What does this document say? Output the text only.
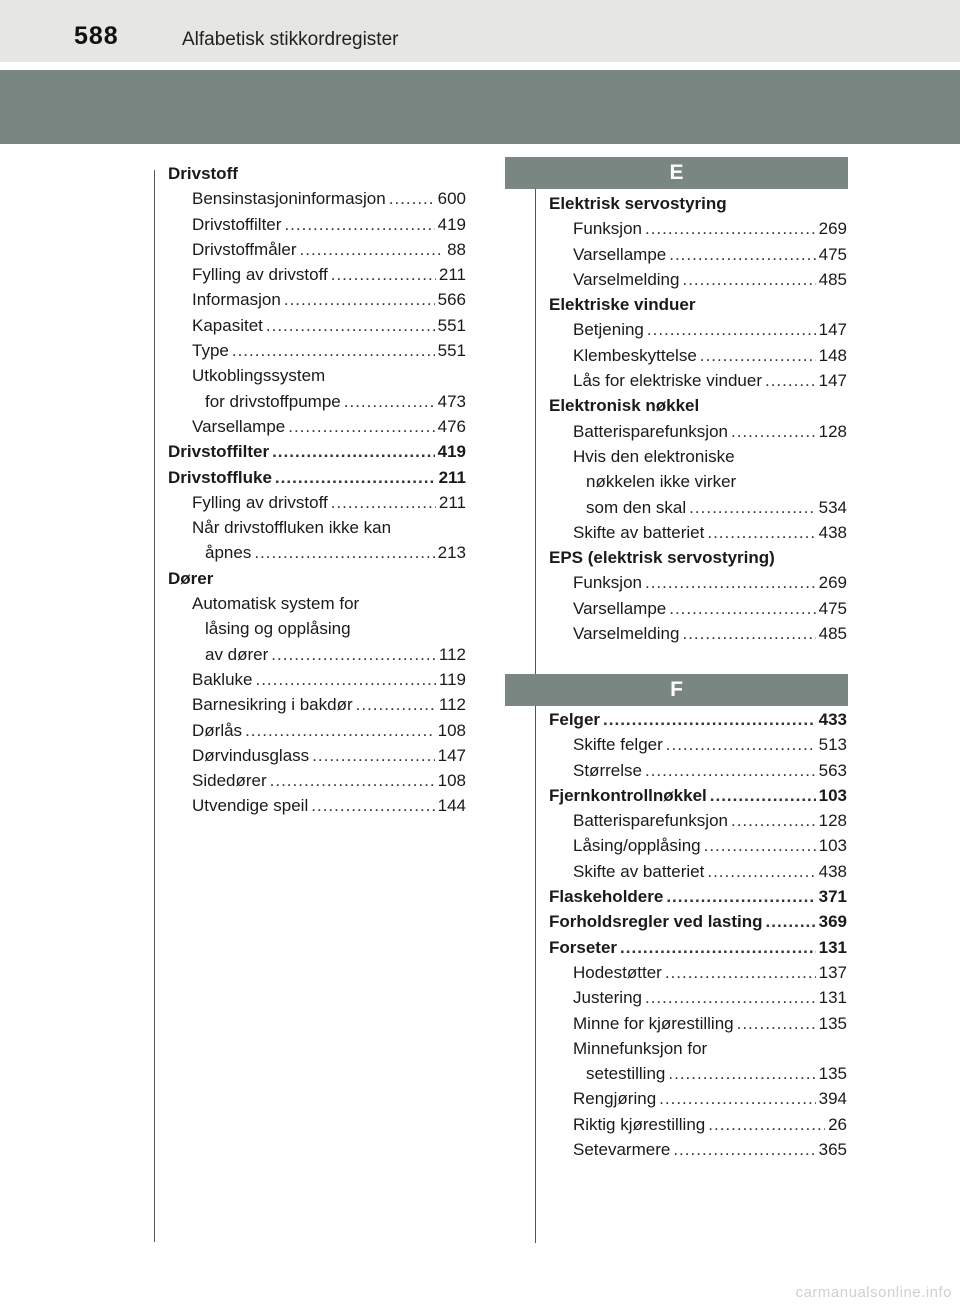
588	Alfabetisk stikkordregister
Drivstoff
Bensinstasjoninformasjon .....	600
Drivstoffilter .....	419
Drivstoffmåler .....	88
Fylling av drivstoff .....	211
Informasjon .....	566
Kapasitet .....	551
Type .....	551
Utkoblingssystem
for drivstoffpumpe .....	473
Varsellampe .....	476
Drivstoffilter .....	419
Drivstoffluke .....	211
Fylling av drivstoff .....	211
Når drivstoffluken ikke kan
åpnes .....	213
Dører
Automatisk system for
låsing og opplåsing
av dører .....	112
Bakluke .....	119
Barnesikring i bakdør .....	112
Dørlås .....	108
Dørvindusglass .....	147
Sidedører .....	108
Utvendige speil .....	144
E
Elektrisk servostyring
Funksjon .....	269
Varsellampe .....	475
Varselmelding .....	485
Elektriske vinduer
Betjening .....	147
Klembeskyttelse .....	148
Lås for elektriske vinduer .....	147
Elektronisk nøkkel
Batterisparefunksjon .....	128
Hvis den elektroniske
nøkkelen ikke virker
som den skal .....	534
Skifte av batteriet .....	438
EPS (elektrisk servostyring)
Funksjon .....	269
Varsellampe .....	475
Varselmelding .....	485
F
Felger .....	433
Skifte felger .....	513
Størrelse .....	563
Fjernkontrollnøkkel .....	103
Batterisparefunksjon .....	128
Låsing/opplåsing .....	103
Skifte av batteriet .....	438
Flaskeholdere .....	371
Forholdsregler ved lasting .....	369
Forseter .....	131
Hodestøtter .....	137
Justering .....	131
Minne for kjørestilling .....	135
Minnefunksjon for
setestilling .....	135
Rengjøring .....	394
Riktig kjørestilling .....	26
Setevarmere .....	365
carmanualsonline.info
